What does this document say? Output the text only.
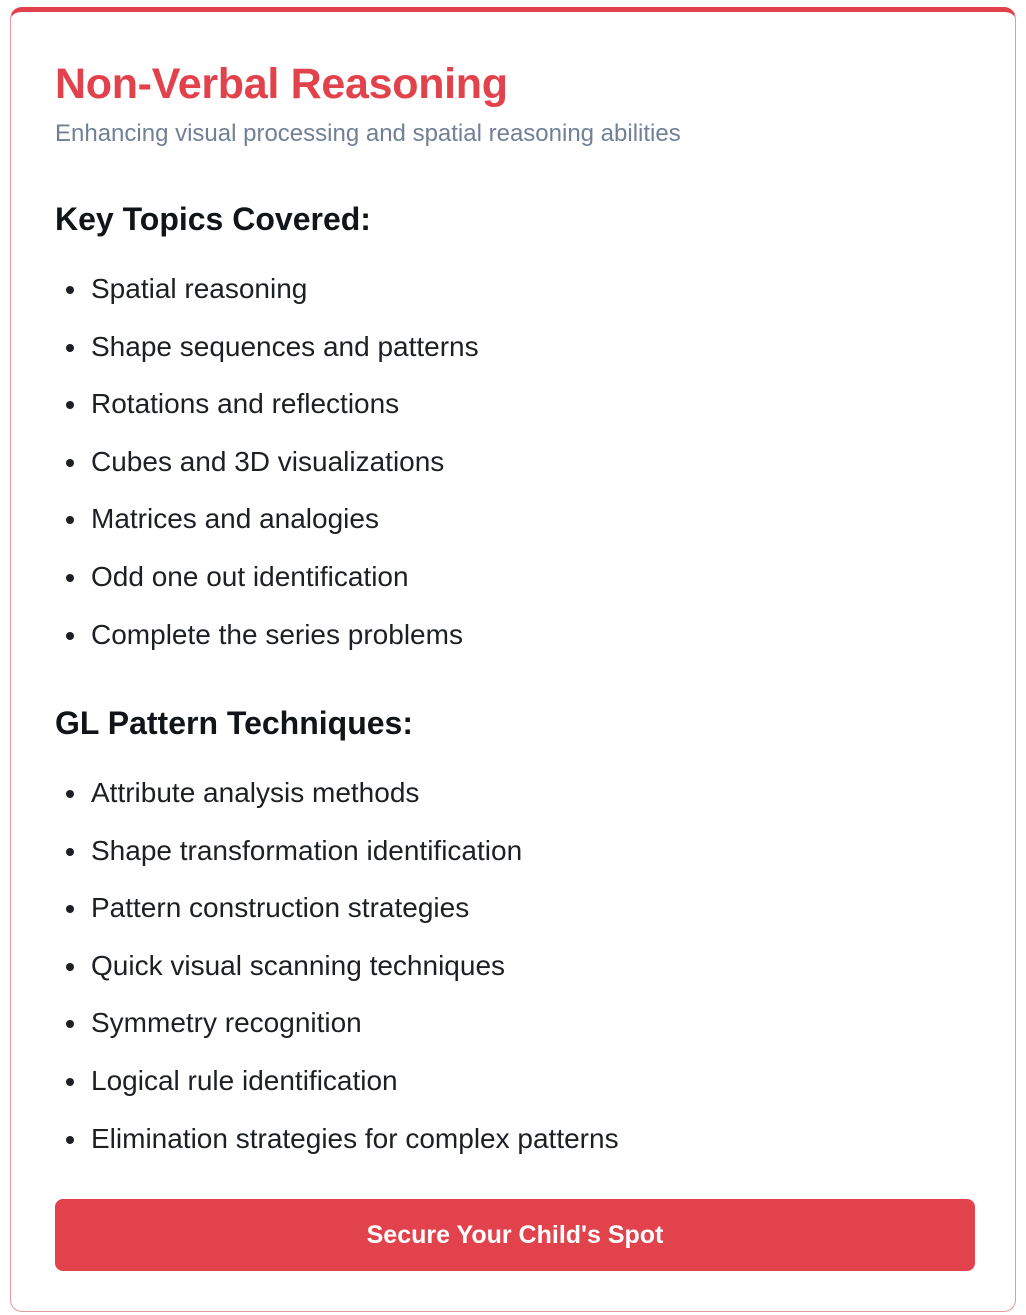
Non-Verbal Reasoning

Enhancing visual processing and spatial reasoning abilities

Key Topics Covered:
Spatial reasoning
Shape sequences and patterns
Rotations and reflections
Cubes and 3D visualizations
Matrices and analogies
Odd one out identification
Complete the series problems
GL Pattern Techniques:
Attribute analysis methods
Shape transformation identification
Pattern construction strategies
Quick visual scanning techniques
Symmetry recognition
Logical rule identification
Elimination strategies for complex patterns
Secure Your Child's Spot
